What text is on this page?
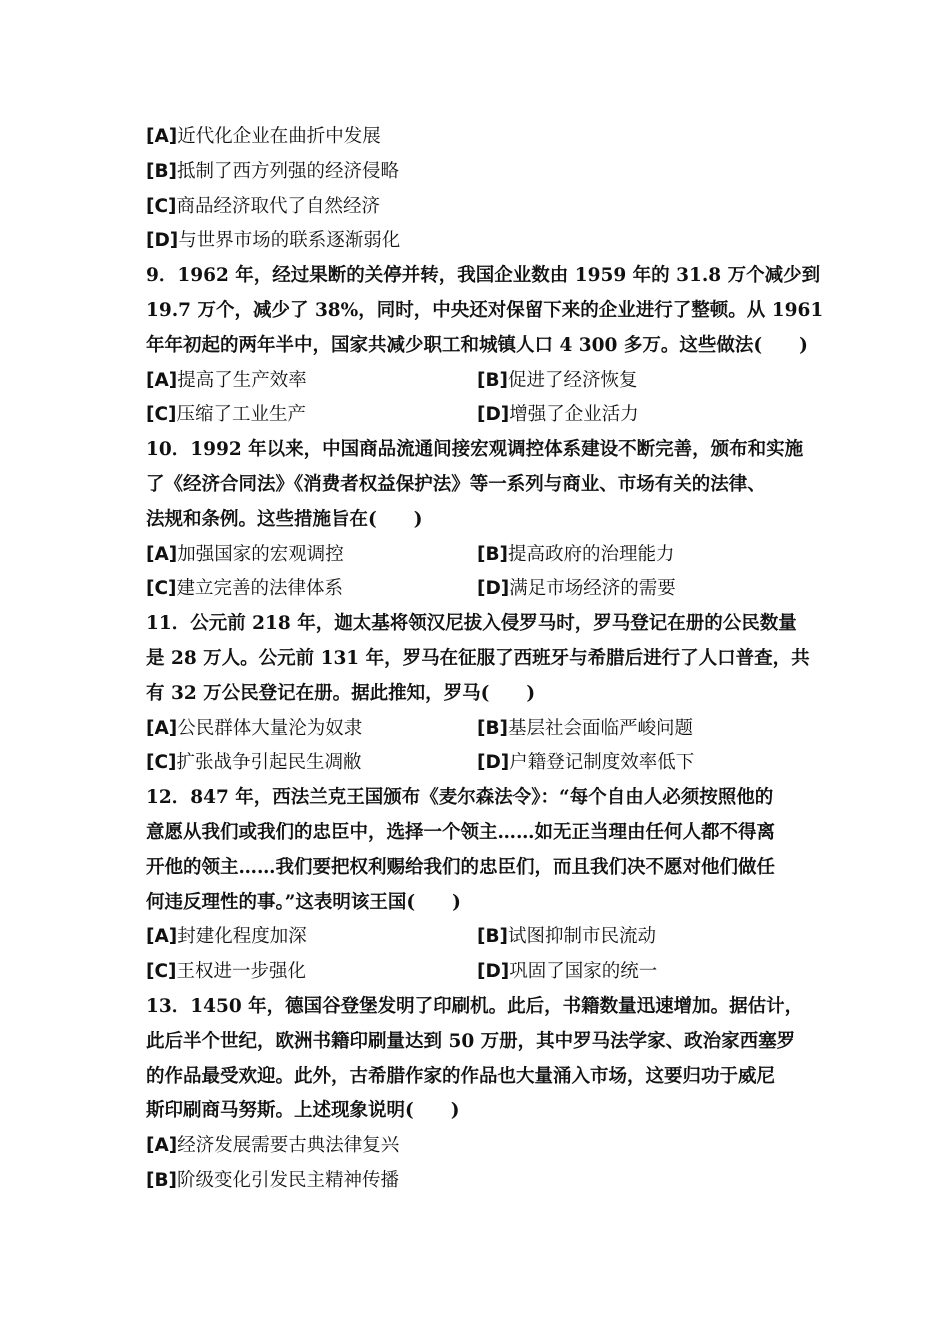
[A]近代化企业在曲折中发展
[B]抵制了西方列强的经济侵略
[C]商品经济取代了自然经济
[D]与世界市场的联系逐渐弱化
9．1962 年，经过果断的关停并转，我国企业数由 1959 年的 31.8 万个减少到
19.7 万个，减少了 38%，同时，中央还对保留下来的企业进行了整顿。从 1961
年年初起的两年半中，国家共减少职工和城镇人口 4 300 多万。这些做法(　　)
[A]提高了生产效率	[B]促进了经济恢复
[C]压缩了工业生产	[D]增强了企业活力
10．1992 年以来，中国商品流通间接宏观调控体系建设不断完善，颁布和实施
了《经济合同法》《消费者权益保护法》等一系列与商业、市场有关的法律、
法规和条例。这些措施旨在(　　)
[A]加强国家的宏观调控	[B]提高政府的治理能力
[C]建立完善的法律体系	[D]满足市场经济的需要
11．公元前 218 年，迦太基将领汉尼拔入侵罗马时，罗马登记在册的公民数量
是 28 万人。公元前 131 年，罗马在征服了西班牙与希腊后进行了人口普查，共
有 32 万公民登记在册。据此推知，罗马(　　)
[A]公民群体大量沦为奴隶	[B]基层社会面临严峻问题
[C]扩张战争引起民生凋敝	[D]户籍登记制度效率低下
12．847 年，西法兰克王国颁布《麦尔森法令》：“每个自由人必须按照他的
意愿从我们或我们的忠臣中，选择一个领主……如无正当理由任何人都不得离
开他的领主……我们要把权利赐给我们的忠臣们，而且我们决不愿对他们做任
何违反理性的事。”这表明该王国(　　)
[A]封建化程度加深	[B]试图抑制市民流动
[C]王权进一步强化	[D]巩固了国家的统一
13．1450 年，德国谷登堡发明了印刷机。此后，书籍数量迅速增加。据估计，
此后半个世纪，欧洲书籍印刷量达到 50 万册，其中罗马法学家、政治家西塞罗
的作品最受欢迎。此外，古希腊作家的作品也大量涌入市场，这要归功于威尼
斯印刷商马努斯。上述现象说明(　　)
[A]经济发展需要古典法律复兴
[B]阶级变化引发民主精神传播
